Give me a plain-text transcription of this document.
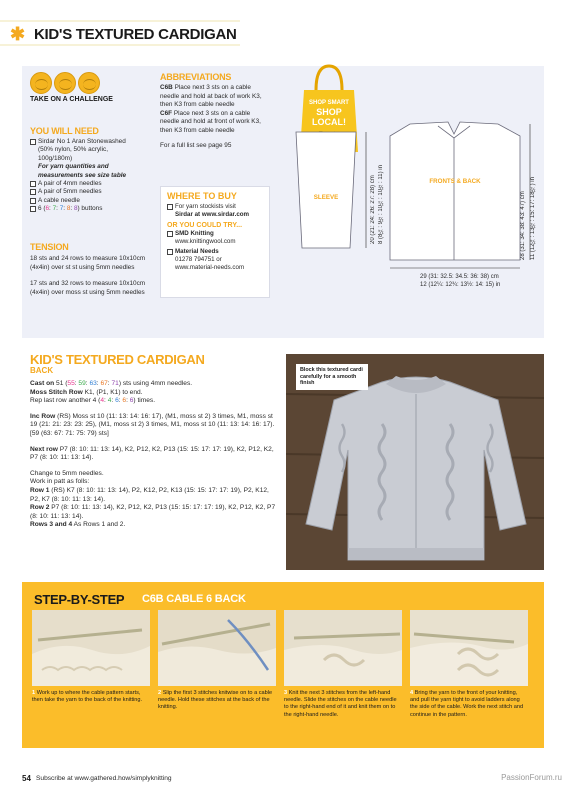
✱ KID'S TEXTURED CARDIGAN
TAKE ON A CHALLENGE
YOU WILL NEED
Sirdar No 1 Aran Stonewashed
(50% nylon, 50% acrylic,
100g/180m)
For yarn quantities and
measurements see size table
A pair of 4mm needles
A pair of 5mm needles
A cable needle
6 (6: 7: 7: 8: 8) buttons
TENSION

18 sts and 24 rows to measure 10x10cm (4x4in) over st st using 5mm needles

17 sts and 32 rows to measure 10x10cm (4x4in) over moss st using 5mm needles

ABBREVIATIONS
C6B Place next 3 sts on a cable needle and hold at back of work K3, then K3 from cable needle
C6F Place next 3 sts on a cable needle and hold at front of work K3, then K3 from cable needle
For a full list see page 95
SHOP SMART
SHOP
LOCAL!
WHERE TO BUY
For yarn stockists visit
Sirdar at www.sirdar.com
OR YOU COULD TRY...
SMD Knitting
www.knittingwool.com
Material Needs
01278 794751 or
www.material-needs.com
SLEEVE
FRONTS & BACK
20 (21: 24: 26: 27: 28) cm 8 (8¼: 9½: 10¼: 10½: 11) in	28 (31: 34: 38: 43: 47) cm 11 (12¼: 13½: 15: 17: 18½) in
29 (31: 32.5: 34.5: 36: 38) cm
12 (12¼: 12¾: 13½: 14: 15) in
KID'S TEXTURED CARDIGAN
BACK

Cast on 51 (55: 59: 63: 67: 71) sts using 4mm needles.
Moss Stitch Row K1, (P1, K1) to end.
Rep last row another 4 (4: 4: 6: 6: 6) times.

Inc Row (RS) Moss st 10 (11: 13: 14: 16: 17), (M1, moss st 2) 3 times, M1, moss st 19 (21: 21: 23: 23: 25), (M1, moss st 2) 3 times, M1, moss st 10 (11: 13: 14: 16: 17). [59 (63: 67: 71: 75: 79) sts]

Next row P7 (8: 10: 11: 13: 14), K2, P12, K2, P13 (15: 15: 17: 17: 19), K2, P12, K2, P7 (8: 10: 11: 13: 14).

Change to 5mm needles.
Work in patt as folls:
Row 1 (RS) K7 (8: 10: 11: 13: 14), P2, K12, P2, K13 (15: 15: 17: 17: 19), P2, K12, P2, K7 (8: 10: 11: 13: 14).
Row 2 P7 (8: 10: 11: 13: 14), K2, P12, K2, P13 (15: 15: 17: 17: 19), K2, P12, K2, P7 (8: 10: 11: 13: 14).
Rows 3 and 4 As Rows 1 and 2.

Block this textured cardi carefully for a smooth finish
STEP-BY-STEP C6B CABLE 6 BACK
1 Work up to where the cable pattern starts, then take the yarn to the back of the knitting.
2 Slip the first 3 stitches knitwise on to a cable needle. Hold these stitches at the back of the knitting.
3 Knit the next 3 stitches from the left-hand needle. Slide the stitches on the cable needle to the right-hand end of it and knit them on to the right-hand needle.
4 Bring the yarn to the front of your knitting, and pull the yarn tight to avoid ladders along the side of the cable. Work the next stitch and continue in the pattern.
54 Subscribe at www.gathered.how/simplyknitting	PassionForum.ru
